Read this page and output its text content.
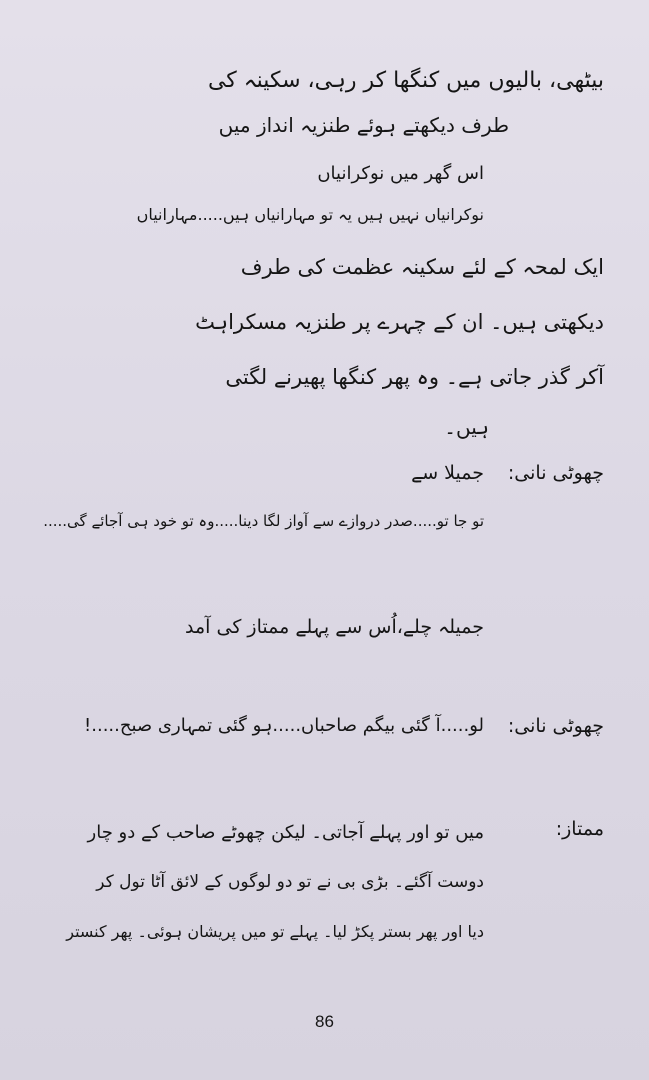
بیٹھی، بالیوں میں کنگھا کر رہی، سکینہ کی
طرف دیکھتے ہوئے طنزیہ انداز میں
اس گھر میں نوکرانیاں
نوکرانیاں نہیں ہیں یہ تو مہارانیاں ہیں.....مہارانیاں
ایک لمحہ کے لئے سکینہ عظمت کی طرف
دیکھتی ہیں۔ ان کے چہرے پر طنزیہ مسکراہٹ
آکر گذر جاتی ہے۔ وہ پھر کنگھا پھیرنے لگتی
ہیں۔
چھوٹی نانی:
جمیلا سے
تو جا تو.....صدر دروازے سے آواز لگا دینا.....وہ تو خود ہی آجائے گی.....
جمیلہ چلے،اُس سے پہلے ممتاز کی آمد
چھوٹی نانی:
لو.....آ گئی بیگم صاحباں.....ہو گئی تمہاری صبح.....!
ممتاز:
میں تو اور پہلے آجاتی۔ لیکن چھوٹے صاحب کے دو چار
دوست آگئے۔ بڑی بی نے تو دو لوگوں کے لائق آٹا تول کر
دیا اور پھر بستر پکڑ لیا۔ پہلے تو میں پریشان ہوئی۔ پھر کنستر
86
